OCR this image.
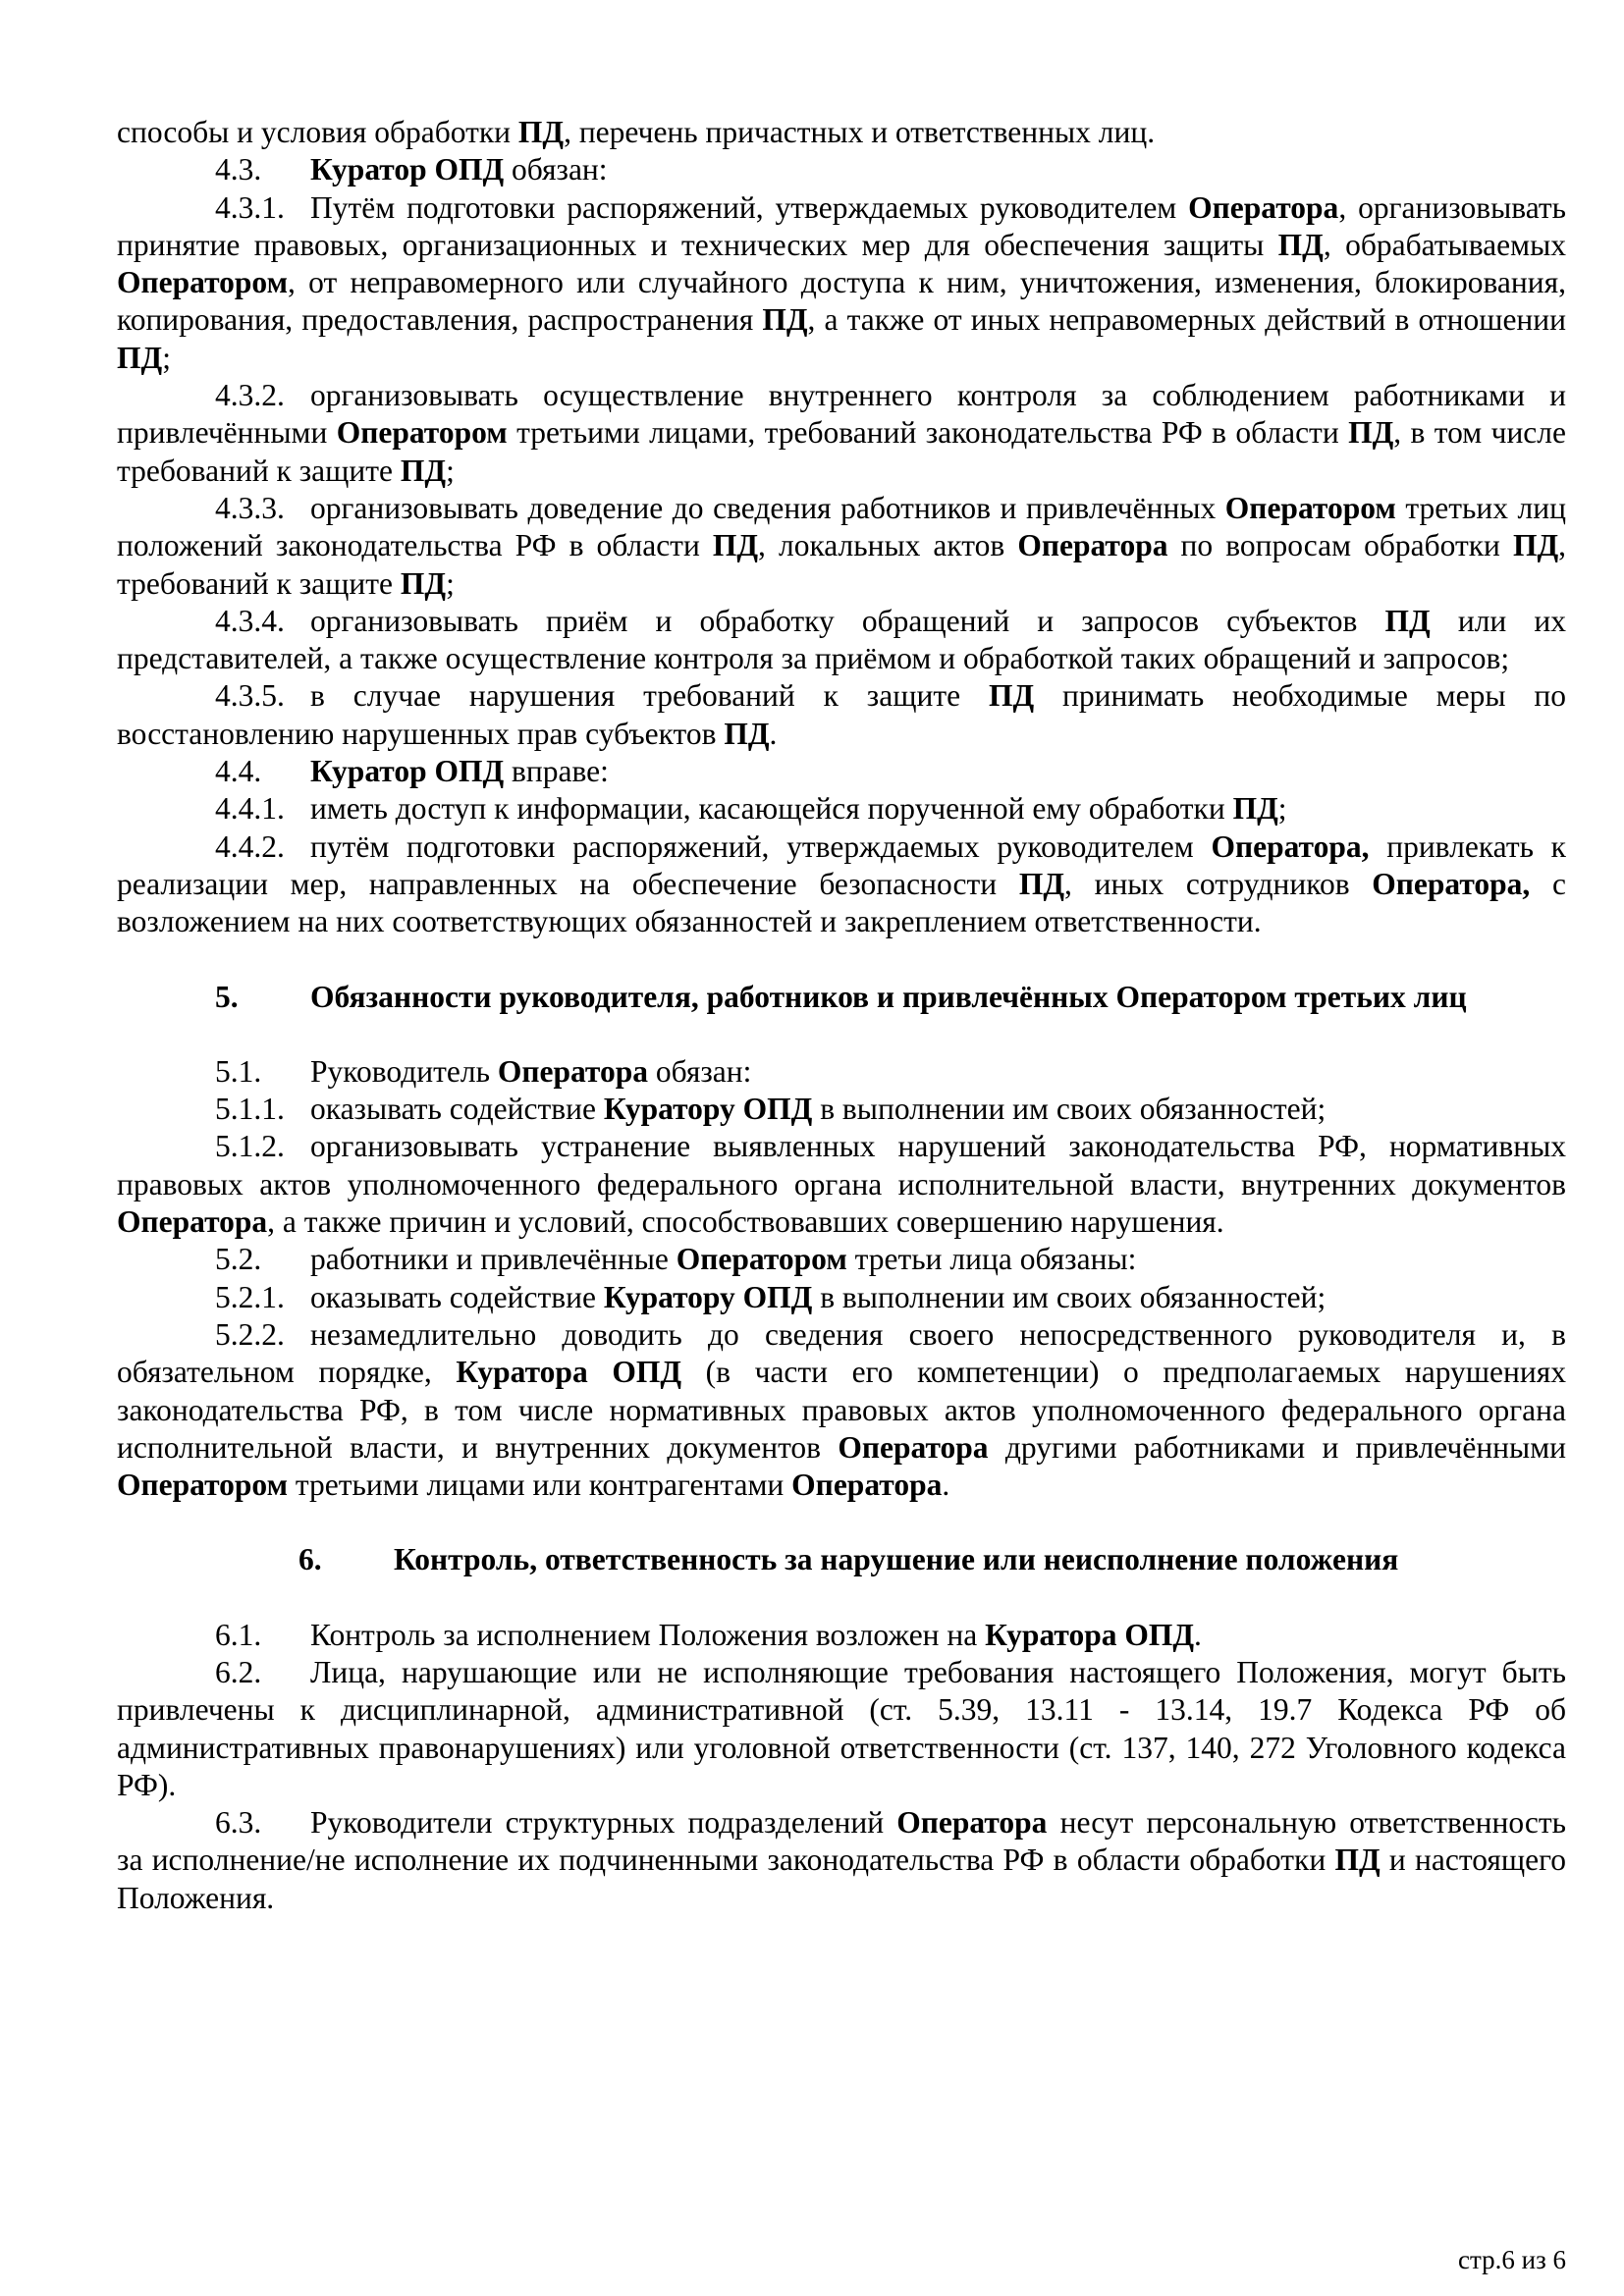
способы и условия обработки ПД, перечень причастных и ответственных лиц.

4.3. Куратор ОПД обязан:

4.3.1. Путём подготовки распоряжений, утверждаемых руководителем Оператора, организовывать принятие правовых, организационных и технических мер для обеспечения защиты ПД, обрабатываемых Оператором, от неправомерного или случайного доступа к ним, уничтожения, изменения, блокирования, копирования, предоставления, распространения ПД, а также от иных неправомерных действий в отношении ПД;

4.3.2. организовывать осуществление внутреннего контроля за соблюдением работниками и привлечёнными Оператором третьими лицами, требований законодательства РФ в области ПД, в том числе требований к защите ПД;

4.3.3. организовывать доведение до сведения работников и привлечённых Оператором третьих лиц положений законодательства РФ в области ПД, локальных актов Оператора по вопросам обработки ПД, требований к защите ПД;

4.3.4. организовывать приём и обработку обращений и запросов субъектов ПД или их представителей, а также осуществление контроля за приёмом и обработкой таких обращений и запросов;

4.3.5. в случае нарушения требований к защите ПД принимать необходимые меры по восстановлению нарушенных прав субъектов ПД.

4.4. Куратор ОПД вправе:

4.4.1. иметь доступ к информации, касающейся порученной ему обработки ПД;

4.4.2. путём подготовки распоряжений, утверждаемых руководителем Оператора, привлекать к реализации мер, направленных на обеспечение безопасности ПД, иных сотрудников Оператора, с возложением на них соответствующих обязанностей и закреплением ответственности.

5. Обязанности руководителя, работников и привлечённых Оператором третьих лиц

5.1. Руководитель Оператора обязан:

5.1.1. оказывать содействие Куратору ОПД в выполнении им своих обязанностей;

5.1.2. организовывать устранение выявленных нарушений законодательства РФ, нормативных правовых актов уполномоченного федерального органа исполнительной власти, внутренних документов Оператора, а также причин и условий, способствовавших совершению нарушения.

5.2. работники и привлечённые Оператором третьи лица обязаны:

5.2.1. оказывать содействие Куратору ОПД в выполнении им своих обязанностей;

5.2.2. незамедлительно доводить до сведения своего непосредственного руководителя и, в обязательном порядке, Куратора ОПД (в части его компетенции) о предполагаемых нарушениях законодательства РФ, в том числе нормативных правовых актов уполномоченного федерального органа исполнительной власти, и внутренних документов Оператора другими работниками и привлечёнными Оператором третьими лицами или контрагентами Оператора.

6. Контроль, ответственность за нарушение или неисполнение положения

6.1. Контроль за исполнением Положения возложен на Куратора ОПД.

6.2. Лица, нарушающие или не исполняющие требования настоящего Положения, могут быть привлечены к дисциплинарной, административной (ст. 5.39, 13.11 - 13.14, 19.7 Кодекса РФ об административных правонарушениях) или уголовной ответственности (ст. 137, 140, 272 Уголовного кодекса РФ).

6.3. Руководители структурных подразделений Оператора несут персональную ответственность за исполнение/не исполнение их подчиненными законодательства РФ в области обработки ПД и настоящего Положения.

стр.6 из 6
